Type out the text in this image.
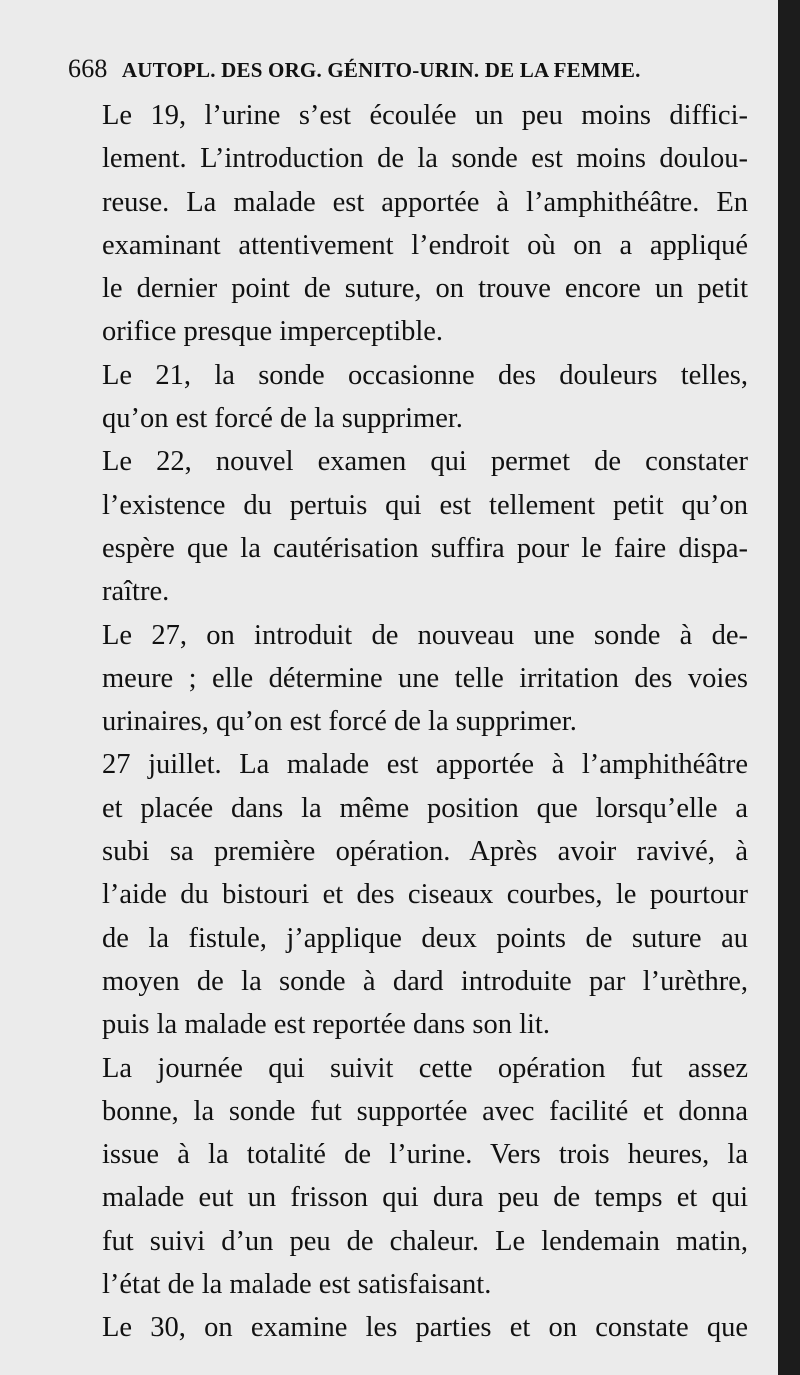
668 AUTOPL. DES ORG. GÉNITO-URIN. DE LA FEMME.

Le 19, l’urine s’est écoulée un peu moins diffici-
lement. L’introduction de la sonde est moins doulou-
reuse. La malade est apportée à l’amphithéâtre. En
examinant attentivement l’endroit où on a appliqué
le dernier point de suture, on trouve encore un petit
orifice presque imperceptible.

Le 21, la sonde occasionne des douleurs telles,
qu’on est forcé de la supprimer.

Le 22, nouvel examen qui permet de constater
l’existence du pertuis qui est tellement petit qu’on
espère que la cautérisation suffira pour le faire dispa-
raître.

Le 27, on introduit de nouveau une sonde à de-
meure ; elle détermine une telle irritation des voies
urinaires, qu’on est forcé de la supprimer.

27 juillet. La malade est apportée à l’amphithéâtre
et placée dans la même position que lorsqu’elle a
subi sa première opération. Après avoir ravivé, à
l’aide du bistouri et des ciseaux courbes, le pourtour
de la fistule, j’applique deux points de suture au
moyen de la sonde à dard introduite par l’urèthre,
puis la malade est reportée dans son lit.

La journée qui suivit cette opération fut assez
bonne, la sonde fut supportée avec facilité et donna
issue à la totalité de l’urine. Vers trois heures, la
malade eut un frisson qui dura peu de temps et qui
fut suivi d’un peu de chaleur. Le lendemain matin,
l’état de la malade est satisfaisant.

Le 30, on examine les parties et on constate que
